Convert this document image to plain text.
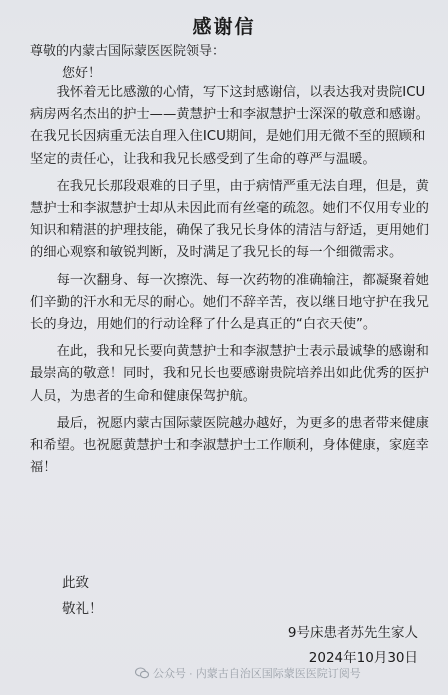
感谢信
尊敬的内蒙古国际蒙医医院领导：
您好！

我怀着无比感激的心情，写下这封感谢信，以表达我对贵院ICU病房两名杰出的护士——黄慧护士和李淑慧护士深深的敬意和感谢。在我兄长因病重无法自理入住ICU期间，是她们用无微不至的照顾和坚定的责任心，让我和我兄长感受到了生命的尊严与温暖。

在我兄长那段艰难的日子里，由于病情严重无法自理，但是，黄慧护士和李淑慧护士却从未因此而有丝毫的疏忽。她们不仅用专业的知识和精湛的护理技能，确保了我兄长身体的清洁与舒适，更用她们的细心观察和敏锐判断，及时满足了我兄长的每一个细微需求。

每一次翻身、每一次擦洗、每一次药物的准确输注，都凝聚着她们辛勤的汗水和无尽的耐心。她们不辞辛苦，夜以继日地守护在我兄长的身边，用她们的行动诠释了什么是真正的“白衣天使”。

在此，我和兄长要向黄慧护士和李淑慧护士表示最诚挚的感谢和最崇高的敬意！同时，我和兄长也要感谢贵院培养出如此优秀的医护人员，为患者的生命和健康保驾护航。

最后，祝愿内蒙古国际蒙医院越办越好，为更多的患者带来健康和希望。也祝愿黄慧护士和李淑慧护士工作顺利，身体健康，家庭幸福！

此致
敬礼！
9号床患者苏先生家人
2024年10月30日
公众号 · 内蒙古自治区国际蒙医医院订阅号
